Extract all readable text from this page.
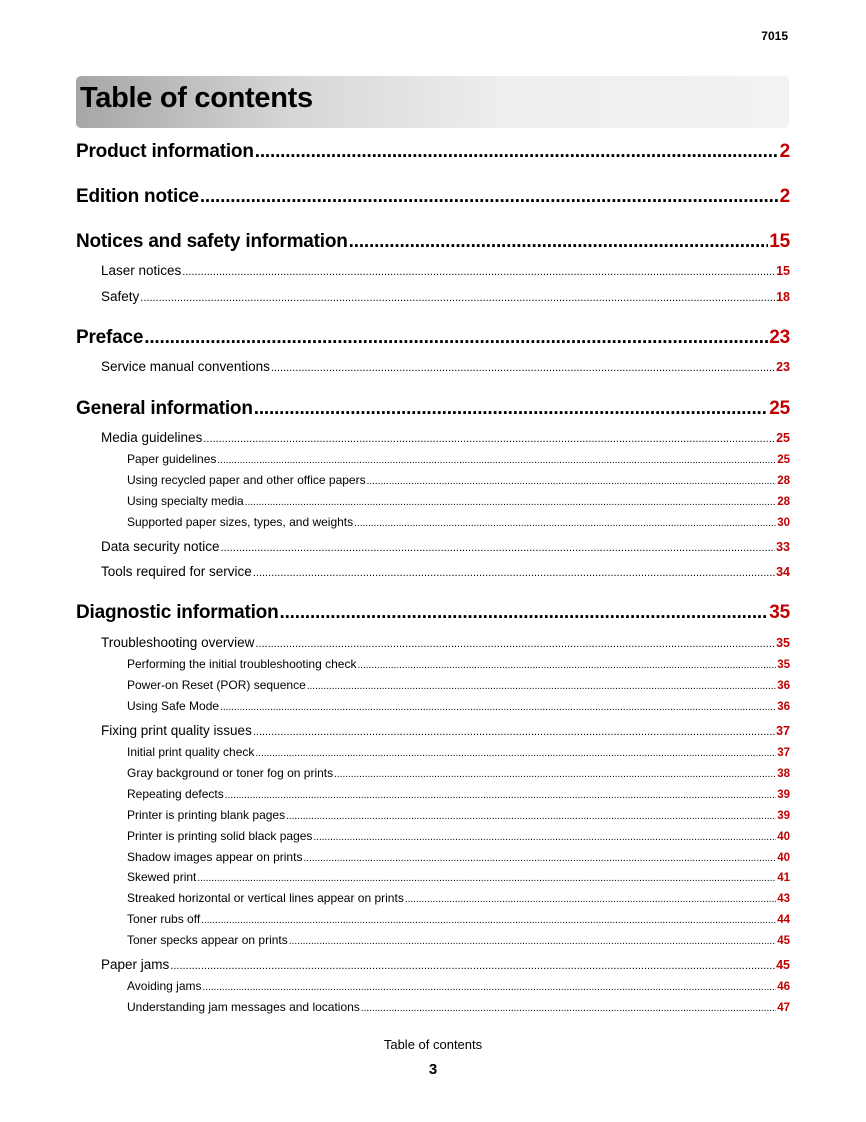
7015
Table of contents
Product information .....	2
Edition notice .....	2
Notices and safety information .....	15
Laser notices .....	15
Safety .....	18
Preface .....	23
Service manual conventions .....	23
General information .....	25
Media guidelines .....	25
Paper guidelines .....	25
Using recycled paper and other office papers .....	28
Using specialty media .....	28
Supported paper sizes, types, and weights .....	30
Data security notice .....	33
Tools required for service .....	34
Diagnostic information .....	35
Troubleshooting overview .....	35
Performing the initial troubleshooting check .....	35
Power-on Reset (POR) sequence .....	36
Using Safe Mode .....	36
Fixing print quality issues .....	37
Initial print quality check .....	37
Gray background or toner fog on prints .....	38
Repeating defects .....	39
Printer is printing blank pages .....	39
Printer is printing solid black pages .....	40
Shadow images appear on prints .....	40
Skewed print .....	41
Streaked horizontal or vertical lines appear on prints .....	43
Toner rubs off .....	44
Toner specks appear on prints .....	45
Paper jams .....	45
Avoiding jams .....	46
Understanding jam messages and locations .....	47
Table of contents
3
